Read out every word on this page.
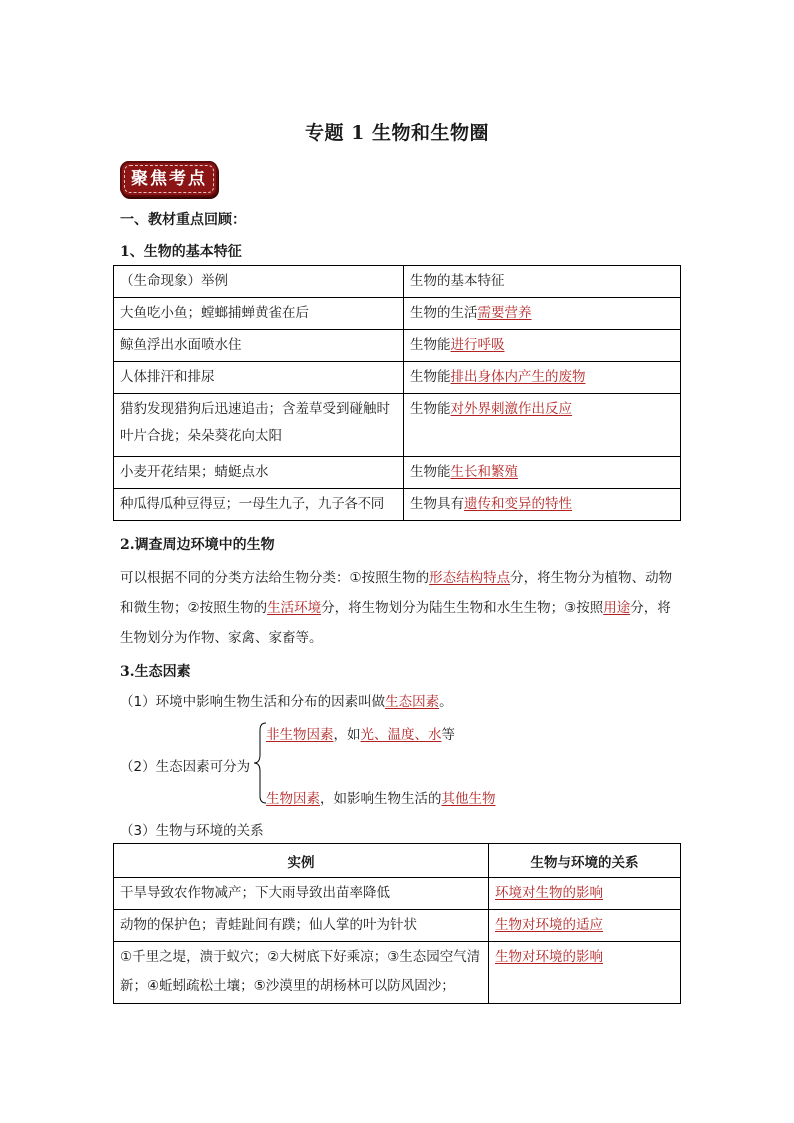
专题 1 生物和生物圈
聚焦考点
一、教材重点回顾：
1、生物的基本特征
（生命现象）举例	生物的基本特征
大鱼吃小鱼；螳螂捕蝉黄雀在后	生物的生活需要营养
鲸鱼浮出水面喷水住	生物能进行呼吸
人体排汗和排尿	生物能排出身体内产生的废物
猎豹发现猎狗后迅速追击；含羞草受到碰触时叶片合拢；朵朵葵花向太阳	生物能对外界刺激作出反应
小麦开花结果；蜻蜓点水	生物能生长和繁殖
种瓜得瓜种豆得豆；一母生九子，九子各不同	生物具有遗传和变异的特性
2.调查周边环境中的生物
可以根据不同的分类方法给生物分类：①按照生物的形态结构特点分，将生物分为植物、动物和微生物；②按照生物的生活环境分，将生物划分为陆生生物和水生生物；③按照用途分，将生物划分为作物、家禽、家畜等。
3.生态因素
（1）环境中影响生物生活和分布的因素叫做生态因素。
（2）生态因素可分为
非生物因素，如光、温度、水等
生物因素，如影响生物生活的其他生物
（3）生物与环境的关系
实例	生物与环境的关系
干旱导致农作物减产；下大雨导致出苗率降低	环境对生物的影响
动物的保护色；青蛙趾间有蹼；仙人掌的叶为针状	生物对环境的适应
①千里之堤，溃于蚁穴；②大树底下好乘凉；③生态园空气清新；④蚯蚓疏松土壤；⑤沙漠里的胡杨林可以防风固沙；	生物对环境的影响
